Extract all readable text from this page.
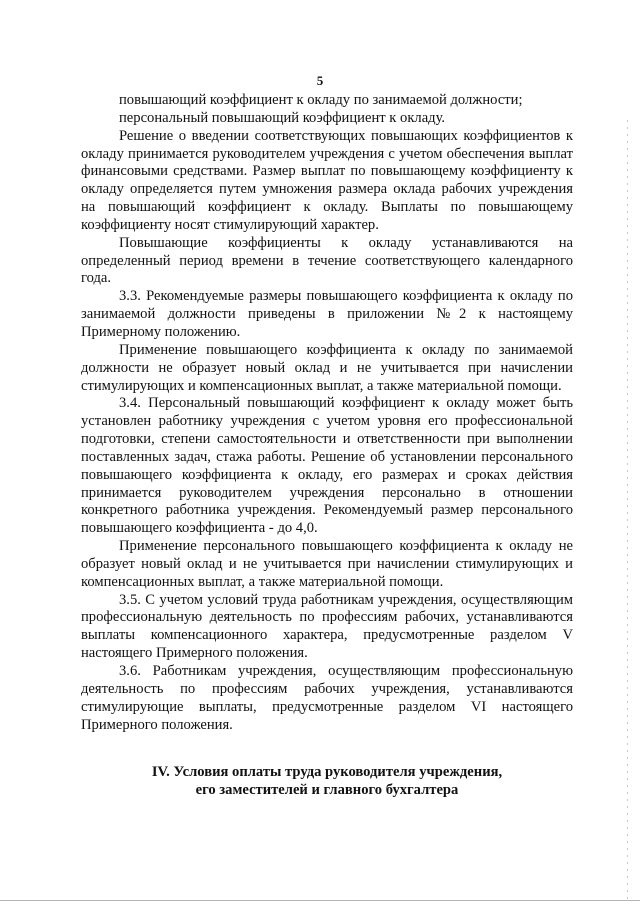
5

повышающий коэффициент к окладу по занимаемой должности;

персональный повышающий коэффициент к окладу.

Решение о введении соответствующих повышающих коэффициентов к окладу принимается руководителем учреждения с учетом обеспечения выплат финансовыми средствами. Размер выплат по повышающему коэффициенту к окладу определяется путем умножения размера оклада рабочих учреждения на повышающий коэффициент к окладу. Выплаты по повышающему коэффициенту носят стимулирующий характер.

Повышающие коэффициенты к окладу устанавливаются на определенный период времени в течение соответствующего календарного года.

3.3. Рекомендуемые размеры повышающего коэффициента к окладу по занимаемой должности приведены в приложении №2 к настоящему Примерному положению.

Применение повышающего коэффициента к окладу по занимаемой должности не образует новый оклад и не учитывается при начислении стимулирующих и компенсационных выплат, а также материальной помощи.

3.4. Персональный повышающий коэффициент к окладу может быть установлен работнику учреждения с учетом уровня его профессиональной подготовки, степени самостоятельности и ответственности при выполнении поставленных задач, стажа работы. Решение об установлении персонального повышающего коэффициента к окладу, его размерах и сроках действия принимается руководителем учреждения персонально в отношении конкретного работника учреждения. Рекомендуемый размер персонального повышающего коэффициента - до 4,0.

Применение персонального повышающего коэффициента к окладу не образует новый оклад и не учитывается при начислении стимулирующих и компенсационных выплат, а также материальной помощи.

3.5. С учетом условий труда работникам учреждения, осуществляющим профессиональную деятельность по профессиям рабочих, устанавливаются выплаты компенсационного характера, предусмотренные разделом V настоящего Примерного положения.

3.6. Работникам учреждения, осуществляющим профессиональную деятельность по профессиям рабочих учреждения, устанавливаются стимулирующие выплаты, предусмотренные разделом VI настоящего Примерного положения.

IV. Условия оплаты труда руководителя учреждения,
его заместителей и главного бухгалтера
